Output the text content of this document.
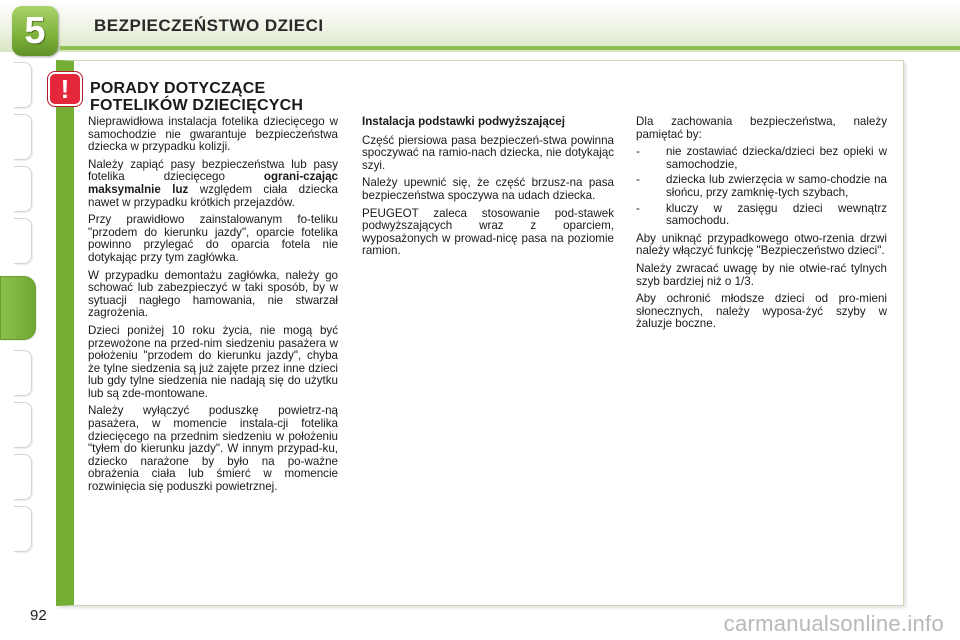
5	BEZPIECZEŃSTWO DZIECI
!	PORADY DOTYCZĄCE
FOTELIKÓW DZIECIĘCYCH

Nieprawidłowa instalacja fotelika dziecięcego w samochodzie nie gwarantuje bezpieczeństwa dziecka w przypadku kolizji.

Należy zapiąć pasy bezpieczeństwa lub pasy fotelika dziecięcego ograni-czając maksymalnie luz względem ciała dziecka nawet w przypadku krótkich przejazdów.

Przy prawidłowo zainstalowanym fo-teliku "przodem do kierunku jazdy", oparcie fotelika powinno przylegać do oparcia fotela nie dotykając przy tym zagłówka.

W przypadku demontażu zagłówka, należy go schować lub zabezpieczyć w taki sposób, by w sytuacji nagłego hamowania, nie stwarzał zagrożenia.

Dzieci poniżej 10 roku życia, nie mogą być przewożone na przed-nim siedzeniu pasażera w położeniu "przodem do kierunku jazdy", chyba że tylne siedzenia są już zajęte przez inne dzieci lub gdy tylne siedzenia nie nadają się do użytku lub są zde-montowane.

Należy wyłączyć poduszkę powietrz-ną pasażera, w momencie instala-cji fotelika dziecięcego na przednim siedzeniu w położeniu "tyłem do kierunku jazdy". W innym przypad-ku, dziecko narażone by było na po-ważne obrażenia ciała lub śmierć w momencie rozwinięcia się poduszki powietrznej.

Instalacja podstawki podwyższającej

Część piersiowa pasa bezpieczeń-stwa powinna spoczywać na ramio-nach dziecka, nie dotykając szyi.

Należy upewnić się, że część brzusz-na pasa bezpieczeństwa spoczywa na udach dziecka.

PEUGEOT zaleca stosowanie pod-stawek podwyższających wraz z oparciem, wyposażonych w prowad-nicę pasa na poziomie ramion.

Dla zachowania bezpieczeństwa, należy pamiętać by:

- nie zostawiać dziecka/dzieci bez opieki w samochodzie,
- dziecka lub zwierzęcia w samo-chodzie na słońcu, przy zamknię-tych szybach,
- kluczy w zasięgu dzieci wewnątrz samochodu.

Aby uniknąć przypadkowego otwo-rzenia drzwi należy włączyć funkcję "Bezpieczeństwo dzieci".

Należy zwracać uwagę by nie otwie-rać tylnych szyb bardziej niż o 1/3.

Aby ochronić młodsze dzieci od pro-mieni słonecznych, należy wyposa-żyć szyby w żaluzje boczne.

92	carmanualsonline.info
